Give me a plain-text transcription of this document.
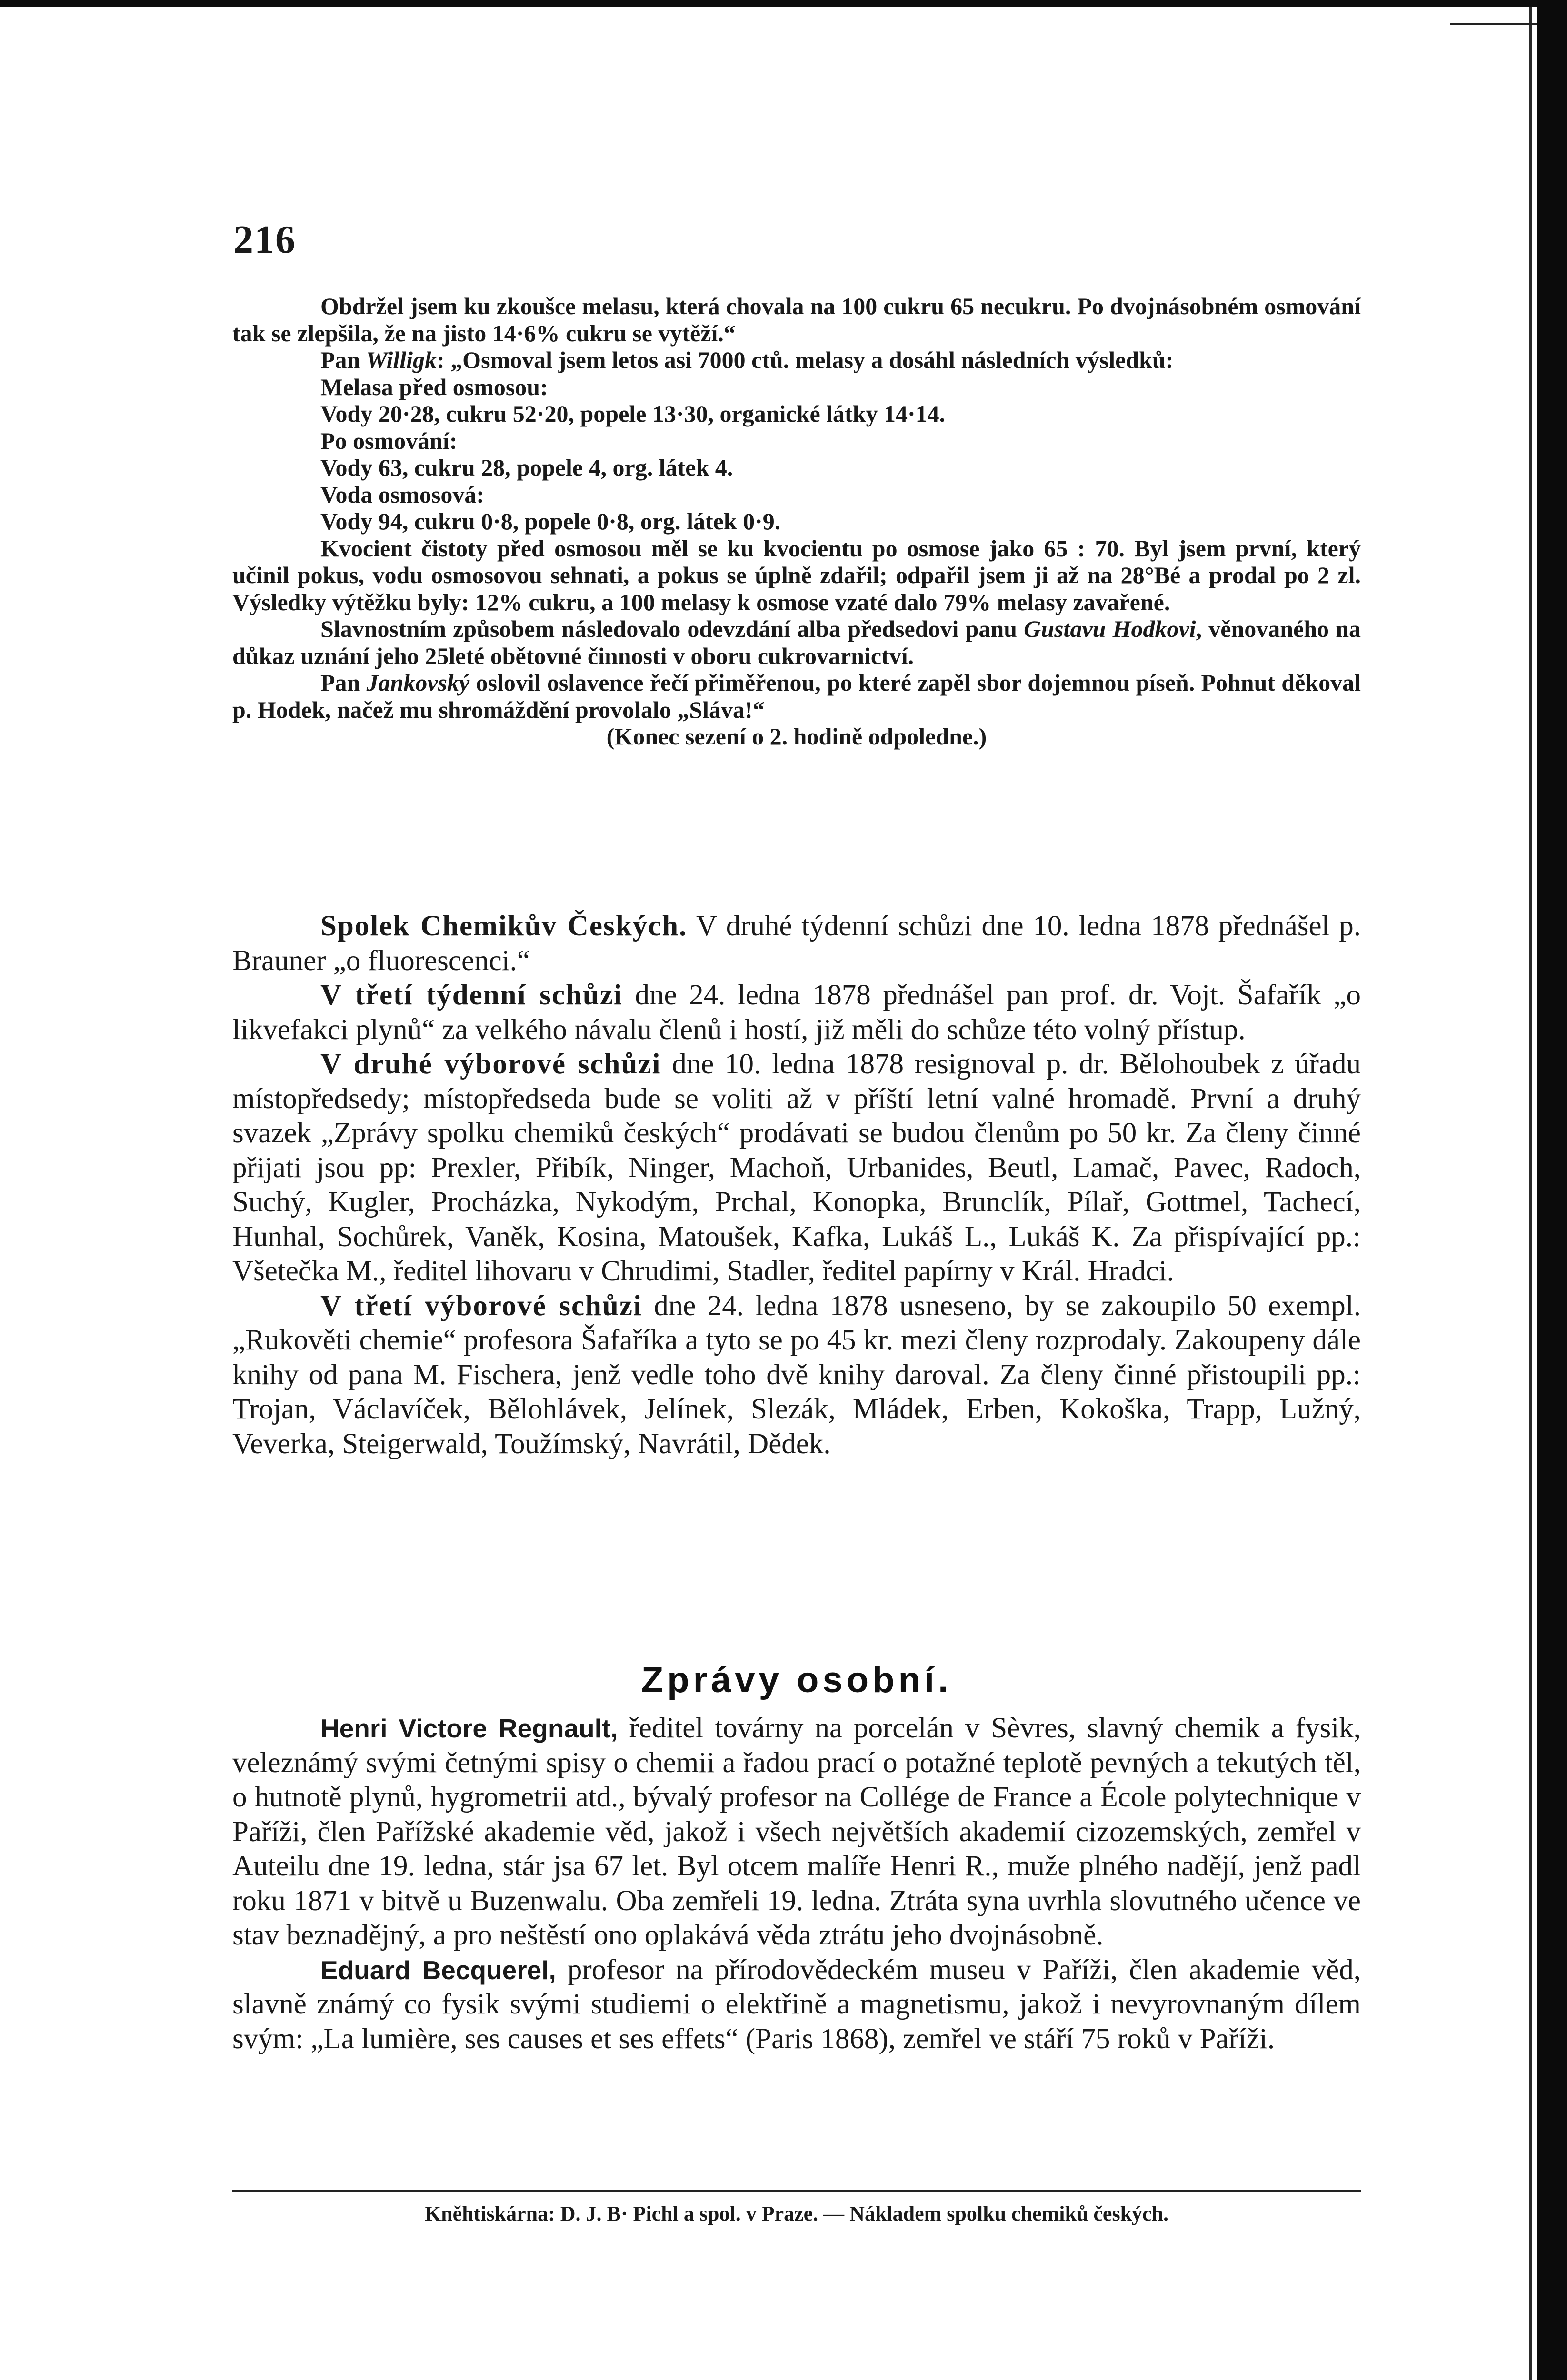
216

Obdržel jsem ku zkoušce melasu, která chovala na 100 cukru 65 necukru. Po dvojnásobném osmování tak se zlepšila, že na jisto 14·6% cukru se vytěží.“

Pan Willigk: „Osmoval jsem letos asi 7000 ctů. melasy a dosáhl následních výsledků:

Melasa před osmosou:

Vody 20·28, cukru 52·20, popele 13·30, organické látky 14·14.

Po osmování:

Vody 63, cukru 28, popele 4, org. látek 4.

Voda osmosová:

Vody 94, cukru 0·8, popele 0·8, org. látek 0·9.

Kvocient čistoty před osmosou měl se ku kvocientu po osmose jako 65 : 70. Byl jsem první, který učinil pokus, vodu osmosovou sehnati, a pokus se úplně zdařil; odpařil jsem ji až na 28°Bé a prodal po 2 zl. Výsledky výtěžku byly: 12% cukru, a 100 melasy k osmose vzaté dalo 79% melasy zavařené.

Slavnostním způsobem následovalo odevzdání alba předsedovi panu Gustavu Hodkovi, věnovaného na důkaz uznání jeho 25leté obětovné činnosti v oboru cukrovarnictví.

Pan Jankovský oslovil oslavence řečí přiměřenou, po které zapěl sbor dojemnou píseň. Pohnut děkoval p. Hodek, načež mu shromáždění provolalo „Sláva!“

(Konec sezení o 2. hodině odpoledne.)

Spolek Chemikův Českých. V druhé týdenní schůzi dne 10. ledna 1878 přednášel p. Brauner „o fluorescenci.“

V třetí týdenní schůzi dne 24. ledna 1878 přednášel pan prof. dr. Vojt. Šafařík „o likvefakci plynů“ za velkého návalu členů i hostí, již měli do schůze této volný přístup.

V druhé výborové schůzi dne 10. ledna 1878 resignoval p. dr. Bělohoubek z úřadu místopředsedy; místopředseda bude se voliti až v příští letní valné hromadě. První a druhý svazek „Zprávy spolku chemiků českých“ prodávati se budou členům po 50 kr. Za členy činné přijati jsou pp: Prexler, Přibík, Ninger, Machoň, Urbanides, Beutl, Lamač, Pavec, Radoch, Suchý, Kugler, Procházka, Nykodým, Prchal, Konopka, Brunclík, Pílař, Gottmel, Tachecí, Hunhal, Sochůrek, Vaněk, Kosina, Matoušek, Kafka, Lukáš L., Lukáš K. Za přispívající pp.: Všetečka M., ředitel lihovaru v Chrudimi, Stadler, ředitel papírny v Král. Hradci.

V třetí výborové schůzi dne 24. ledna 1878 usneseno, by se zakoupilo 50 exempl. „Rukověti chemie“ profesora Šafaříka a tyto se po 45 kr. mezi členy rozprodaly. Zakoupeny dále knihy od pana M. Fischera, jenž vedle toho dvě knihy daroval. Za členy činné přistoupili pp.: Trojan, Václavíček, Bělohlávek, Jelínek, Slezák, Mládek, Erben, Kokoška, Trapp, Lužný, Veverka, Steigerwald, Toužímský, Navrátil, Dědek.

Zprávy osobní.

Henri Victore Regnault, ředitel továrny na porcelán v Sèvres, slavný chemik a fysik, veleznámý svými četnými spisy o chemii a řadou prací o potažné teplotě pevných a tekutých těl, o hutnotě plynů, hygrometrii atd., bývalý profesor na Collége de France a École polytechnique v Paříži, člen Pařížské akademie věd, jakož i všech největších akademií cizozemských, zemřel v Auteilu dne 19. ledna, stár jsa 67 let. Byl otcem malíře Henri R., muže plného nadějí, jenž padl roku 1871 v bitvě u Buzenwalu. Oba zemřeli 19. ledna. Ztráta syna uvrhla slovutného učence ve stav beznadějný, a pro neštěstí ono oplakává věda ztrátu jeho dvojnásobně.

Eduard Becquerel, profesor na přírodovědeckém museu v Paříži, člen akademie věd, slavně známý co fysik svými studiemi o elektřině a magnetismu, jakož i nevyrovnaným dílem svým: „La lumière, ses causes et ses effets“ (Paris 1868), zemřel ve stáří 75 roků v Paříži.

Kněhtiskárna: D. J. B· Pichl a spol. v Praze. — Nákladem spolku chemiků českých.
